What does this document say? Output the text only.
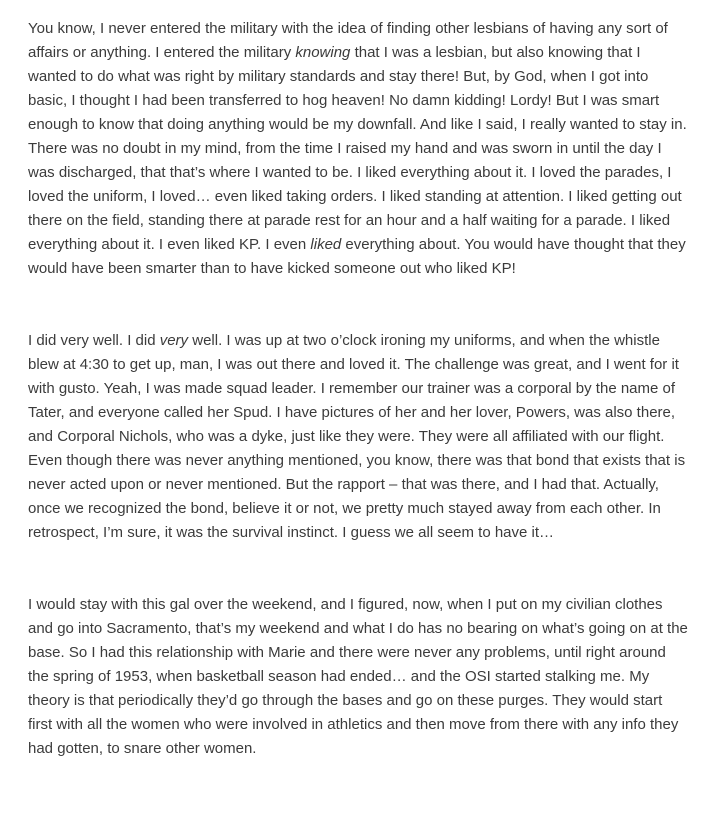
You know, I never entered the military with the idea of finding other lesbians of having any sort of affairs or anything. I entered the military knowing that I was a lesbian, but also knowing that I wanted to do what was right by military standards and stay there! But, by God, when I got into basic, I thought I had been transferred to hog heaven! No damn kidding! Lordy! But I was smart enough to know that doing anything would be my downfall. And like I said, I really wanted to stay in. There was no doubt in my mind, from the time I raised my hand and was sworn in until the day I was discharged, that that’s where I wanted to be. I liked everything about it. I loved the parades, I loved the uniform, I loved… even liked taking orders. I liked standing at attention. I liked getting out there on the field, standing there at parade rest for an hour and a half waiting for a parade. I liked everything about it. I even liked KP. I even liked everything about. You would have thought that they would have been smarter than to have kicked someone out who liked KP!

I did very well. I did very well. I was up at two o’clock ironing my uniforms, and when the whistle blew at 4:30 to get up, man, I was out there and loved it. The challenge was great, and I went for it with gusto. Yeah, I was made squad leader. I remember our trainer was a corporal by the name of Tater, and everyone called her Spud. I have pictures of her and her lover, Powers, was also there, and Corporal Nichols, who was a dyke, just like they were. They were all affiliated with our flight. Even though there was never anything mentioned, you know, there was that bond that exists that is never acted upon or never mentioned. But the rapport – that was there, and I had that. Actually, once we recognized the bond, believe it or not, we pretty much stayed away from each other. In retrospect, I’m sure, it was the survival instinct. I guess we all seem to have it…

I would stay with this gal over the weekend, and I figured, now, when I put on my civilian clothes and go into Sacramento, that’s my weekend and what I do has no bearing on what’s going on at the base. So I had this relationship with Marie and there were never any problems, until right around the spring of 1953, when basketball season had ended… and the OSI started stalking me. My theory is that periodically they’d go through the bases and go on these purges. They would start first with all the women who were involved in athletics and then move from there with any info they had gotten, to snare other women.
